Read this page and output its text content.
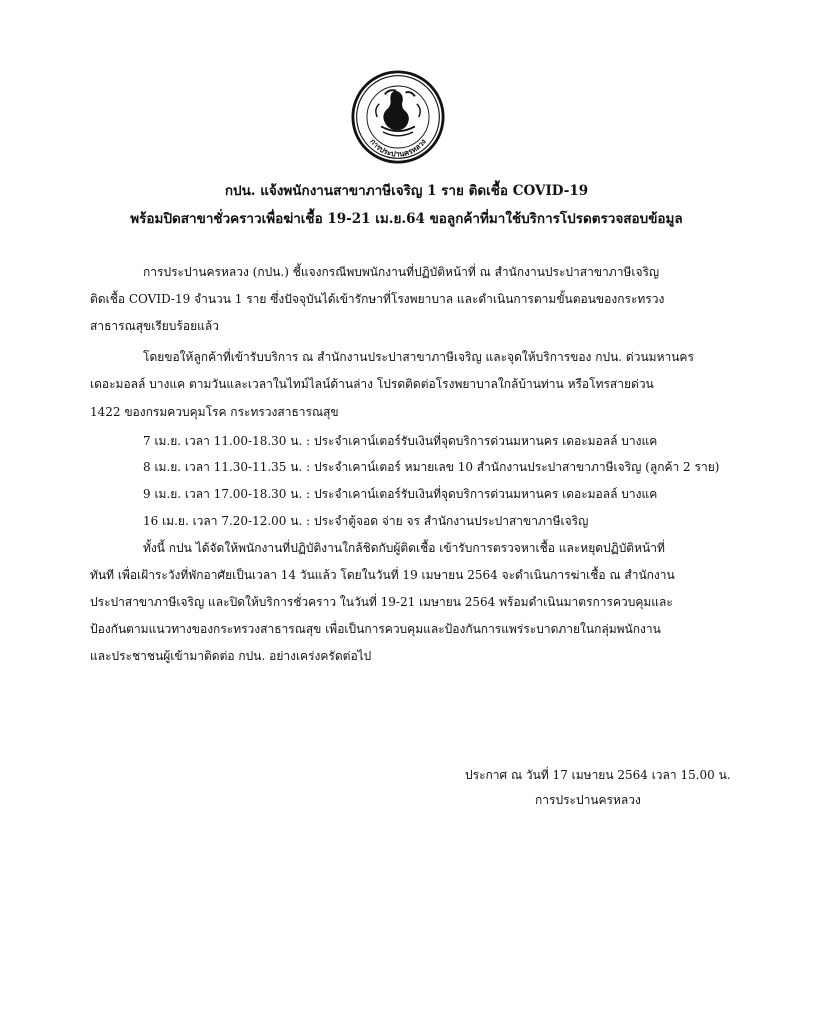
การประปานครหลวง
กปน. แจ้งพนักงานสาขาภาษีเจริญ 1 ราย ติดเชื้อ COVID-19
พร้อมปิดสาขาชั่วคราวเพื่อฆ่าเชื้อ 19-21 เม.ย.64 ขอลูกค้าที่มาใช้บริการโปรดตรวจสอบข้อมูล
การประปานครหลวง (กปน.) ชี้แจงกรณีพบพนักงานที่ปฏิบัติหน้าที่ ณ สำนักงานประปาสาขาภาษีเจริญ
ติดเชื้อ COVID-19 จำนวน 1 ราย ซึ่งปัจจุบันได้เข้ารักษาที่โรงพยาบาล และดำเนินการตามขั้นตอนของกระทรวง
สาธารณสุขเรียบร้อยแล้ว
โดยขอให้ลูกค้าที่เข้ารับบริการ ณ สำนักงานประปาสาขาภาษีเจริญ และจุดให้บริการของ กปน. ด่วนมหานคร
เดอะมอลล์ บางแค ตามวันและเวลาในไทม์ไลน์ด้านล่าง โปรดติดต่อโรงพยาบาลใกล้บ้านท่าน หรือโทรสายด่วน
1422 ของกรมควบคุมโรค กระทรวงสาธารณสุข
7 เม.ย. เวลา 11.00-18.30 น. : ประจำเคาน์เตอร์รับเงินที่จุดบริการด่วนมหานคร เดอะมอลล์ บางแค
8 เม.ย. เวลา 11.30-11.35 น. : ประจำเคาน์เตอร์ หมายเลข 10 สำนักงานประปาสาขาภาษีเจริญ (ลูกค้า 2 ราย)
9 เม.ย. เวลา 17.00-18.30 น. : ประจำเคาน์เตอร์รับเงินที่จุดบริการด่วนมหานคร เดอะมอลล์ บางแค
16 เม.ย. เวลา 7.20-12.00 น. : ประจำตู้จอด จ่าย จร สำนักงานประปาสาขาภาษีเจริญ
ทั้งนี้ กปน ได้จัดให้พนักงานที่ปฏิบัติงานใกล้ชิดกับผู้ติดเชื้อ เข้ารับการตรวจหาเชื้อ และหยุดปฏิบัติหน้าที่
ทันที เพื่อเฝ้าระวังที่พักอาศัยเป็นเวลา 14 วันแล้ว โดยในวันที่ 19 เมษายน 2564 จะดำเนินการฆ่าเชื้อ ณ สำนักงาน
ประปาสาขาภาษีเจริญ และปิดให้บริการชั่วคราว ในวันที่ 19-21 เมษายน 2564 พร้อมดำเนินมาตรการควบคุมและ
ป้องกันตามแนวทางของกระทรวงสาธารณสุข เพื่อเป็นการควบคุมและป้องกันการแพร่ระบาดภายในกลุ่มพนักงาน
และประชาชนผู้เข้ามาติดต่อ กปน. อย่างเคร่งครัดต่อไป
ประกาศ ณ วันที่ 17 เมษายน 2564 เวลา 15.00 น.
การประปานครหลวง
